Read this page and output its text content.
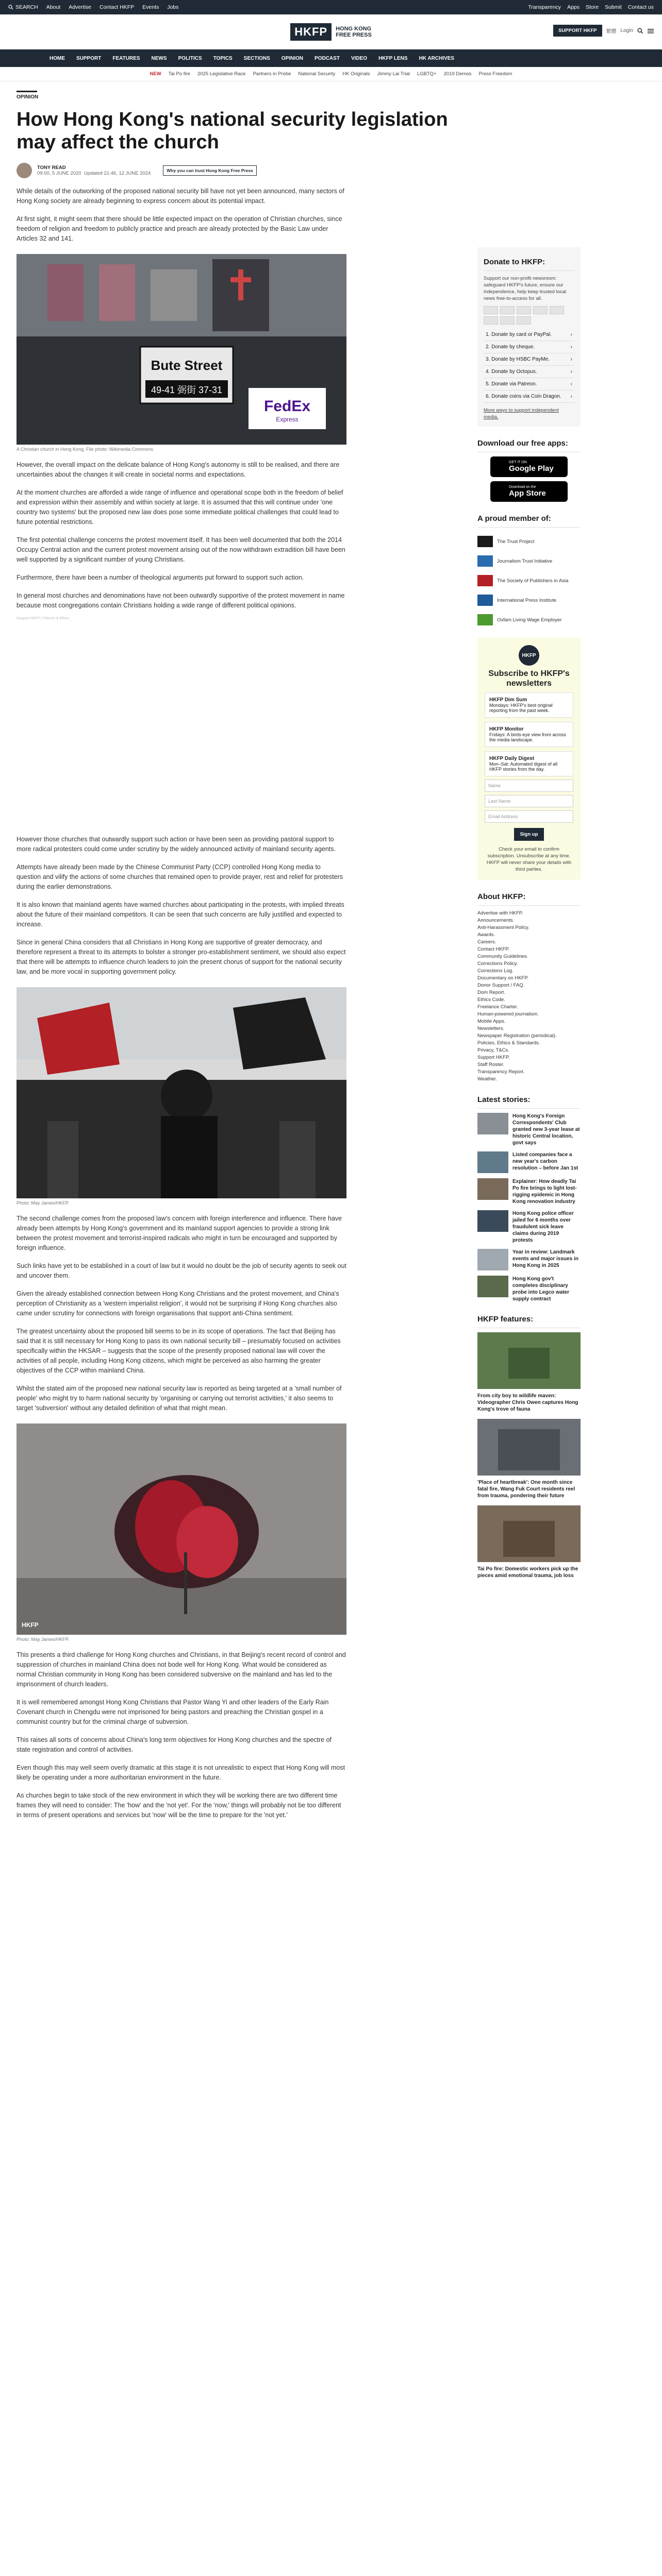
SEARCH About Advertise Contact HKFP Events Jobs	Transparency Apps Store Submit Contact us
HKFP	HONG KONG
FREE PRESS
SUPPORT HKFP	繁體 Login
HOME SUPPORT FEATURES NEWS POLITICS TOPICS SECTIONS OPINION PODCAST VIDEO HKFP LENS HK ARCHIVES
NEW Tai Po fire 2025 Legislative Race Partners in Probe National Security HK Originals Jimmy Lai Trial LGBTQ+ 2019 Demos Press Freedom
OPINION
How Hong Kong's national security legislation may affect the church
TONY READ
09:00, 5 JUNE 2020 Updated 21:46, 12 JUNE 2024	Why you can trust Hong Kong Free Press

While details of the outworking of the proposed national security bill have not yet been announced, many sectors of Hong Kong society are already beginning to express concern about its potential impact.

At first sight, it might seem that there should be little expected impact on the operation of Christian churches, since freedom of religion and freedom to publicly practice and preach are already protected by the Basic Law under Articles 32 and 141.

Bute Street
49-41 弼街 37-31
FedEx
Express
A Christian church in Hong Kong. File photo: Wikimedia Commons.

However, the overall impact on the delicate balance of Hong Kong's autonomy is still to be realised, and there are uncertainties about the changes it will create in societal norms and expectations.

At the moment churches are afforded a wide range of influence and operational scope both in the freedom of belief and expression within their assembly and within society at large. It is assumed that this will continue under 'one country two systems' but the proposed new law does pose some immediate political challenges that could lead to future potential restrictions.

The first potential challenge concerns the protest movement itself. It has been well documented that both the 2014 Occupy Central action and the current protest movement arising out of the now withdrawn extradition bill have been well supported by a significant number of young Christians.

Furthermore, there have been a number of theological arguments put forward to support such action.

In general most churches and denominations have not been outwardly supportive of the protest movement in name because most congregations contain Christians holding a wide range of different political opinions.

Support HKFP | Policies & Ethics

However those churches that outwardly support such action or have been seen as providing pastoral support to more radical protesters could come under scrutiny by the widely announced activity of mainland security agents.

Attempts have already been made by the Chinese Communist Party (CCP) controlled Hong Kong media to question and vilify the actions of some churches that remained open to provide prayer, rest and relief for protesters during the earlier demonstrations.

It is also known that mainland agents have warned churches about participating in the protests, with implied threats about the future of their mainland competitors. It can be seen that such concerns are fully justified and expected to increase.

Since in general China considers that all Christians in Hong Kong are supportive of greater democracy, and therefore represent a threat to its attempts to bolster a stronger pro-establishment sentiment, we should also expect that there will be attempts to influence church leaders to join the present chorus of support for the national security law, and be more vocal in supporting government policy.

Photo: May James/HKFP.

The second challenge comes from the proposed law's concern with foreign interference and influence. There have already been attempts by Hong Kong's government and its mainland support agencies to provide a strong link between the protest movement and terrorist-inspired radicals who might in turn be encouraged and supported by foreign influence.

Such links have yet to be established in a court of law but it would no doubt be the job of security agents to seek out and uncover them.

Given the already established connection between Hong Kong Christians and the protest movement, and China's perception of Christianity as a 'western imperialist religion', it would not be surprising if Hong Kong churches also came under scrutiny for connections with foreign organisations that support anti-China sentiment.

The greatest uncertainty about the proposed bill seems to be in its scope of operations. The fact that Beijing has said that it is still necessary for Hong Kong to pass its own national security bill – presumably focused on activities specifically within the HKSAR – suggests that the scope of the presently proposed national law will cover the activities of all people, including Hong Kong citizens, which might be perceived as also harming the greater objectives of the CCP within mainland China.

Whilst the stated aim of the proposed new national security law is reported as being targeted at a 'small number of people' who might try to harm national security by 'organising or carrying out terrorist activities,' it also seems to target 'subversion' without any detailed definition of what that might mean.

HKFP
Photo: May James/HKFP.

This presents a third challenge for Hong Kong churches and Christians, in that Beijing's recent record of control and suppression of churches in mainland China does not bode well for Hong Kong. What would be considered as normal Christian community in Hong Kong has been considered subversive on the mainland and has led to the imprisonment of church leaders.

It is well remembered amongst Hong Kong Christians that Pastor Wang Yi and other leaders of the Early Rain Covenant church in Chengdu were not imprisoned for being pastors and preaching the Christian gospel in a communist country but for the criminal charge of subversion.

This raises all sorts of concerns about China's long term objectives for Hong Kong churches and the spectre of state registration and control of activities.

Even though this may well seem overly dramatic at this stage it is not unrealistic to expect that Hong Kong will most likely be operating under a more authoritarian environment in the future.

As churches begin to take stock of the new environment in which they will be working there are two different time frames they will need to consider: The 'how' and the 'not yet'. For the 'now,' things will probably not be too different in terms of present operations and services but 'now' will be the time to prepare for the 'not yet.'

Donate to HKFP:
Support our non-profit newsroom: safeguard HKFP's future, ensure our independence, help keep trusted local news free-to-access for all.
1. Donate by card or PayPal.	›
2. Donate by cheque.	›
3. Donate by HSBC PayMe.	›
4. Donate by Octopus.	›
5. Donate via Patreon.	›
6. Donate coins via Coin Dragon. ›
More ways to support independent media.
Download our free apps:
GET IT ON
Google Play
Download on the
App Store
A proud member of:
The Trust Project
Journalism Trust Initiative
The Society of Publishers in Asia
International Press Institute
Oxfam Living Wage Employer
HKFP
Subscribe to HKFP's newsletters
HKFP Dim Sum
Mondays: HKFP's best original reporting from the past week.
HKFP Monitor
Fridays: A birds-eye view from across the media landscape.
HKFP Daily Digest
Mon–Sat: Automated digest of all HKFP stories from the day.
Name
Last Name
Email Address
Sign up
Check your email to confirm subscription. Unsubscribe at any time. HKFP will never share your details with third parties.
About HKFP:
Advertise with HKFP.
Announcements.
Anti-Harassment Policy.
Awards.
Careers.
Contact HKFP.
Community Guidelines.
Corrections Policy.
Corrections Log.
Documentary on HKFP.
Donor Support / FAQ.
Dom Report.
Ethics Code.
Freelance Charter.
Human-powered journalism.
Mobile Apps.
Newsletters.
Newspaper Registration (periodical).
Policies, Ethics & Standards.
Privacy, T&Cs.
Support HKFP.
Staff Roster.
Transparency Report.
Weather.
Latest stories:
Hong Kong's Foreign Correspondents' Club granted new 3-year lease at historic Central location, govt says
Listed companies face a new year's carbon resolution – before Jan 1st
Explainer: How deadly Tai Po fire brings to light lost-rigging epidemic in Hong Kong renovation industry
Hong Kong police officer jailed for 6 months over fraudulent sick leave claims during 2019 protests
Year in review: Landmark events and major issues in Hong Kong in 2025
Hong Kong gov't completes disciplinary probe into Legco water supply contract
HKFP features:
From city boy to wildlife maven: Videographer Chris Owen captures Hong Kong's trove of fauna
'Place of heartbreak': One month since fatal fire, Wang Fuk Court residents reel from trauma, pondering their future
Tai Po fire: Domestic workers pick up the pieces amid emotional trauma, job loss
